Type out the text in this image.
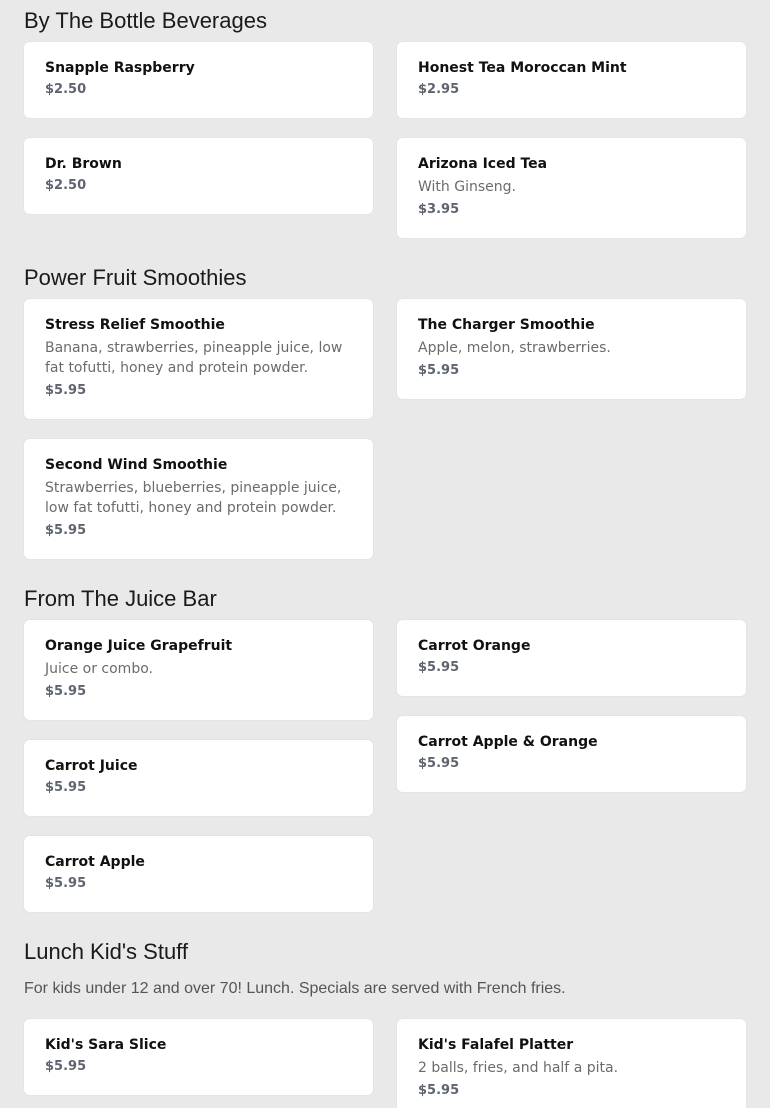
By The Bottle Beverages
Snapple Raspberry
$2.50
Honest Tea Moroccan Mint
$2.95
Dr. Brown
$2.50
Arizona Iced Tea
With Ginseng.
$3.95
Power Fruit Smoothies
Stress Relief Smoothie
Banana, strawberries, pineapple juice, low
fat tofutti, honey and protein powder.
$5.95
The Charger Smoothie
Apple, melon, strawberries.
$5.95
Second Wind Smoothie
Strawberries, blueberries, pineapple juice,
low fat tofutti, honey and protein powder.
$5.95
From The Juice Bar
Orange Juice Grapefruit
Juice or combo.
$5.95
Carrot Orange
$5.95
Carrot Juice
$5.95
Carrot Apple & Orange
$5.95
Carrot Apple
$5.95
Lunch Kid's Stuff

For kids under 12 and over 70! Lunch. Specials are served with French fries.

Kid's Sara Slice
$5.95
Kid's Falafel Platter
2 balls, fries, and half a pita.
$5.95
